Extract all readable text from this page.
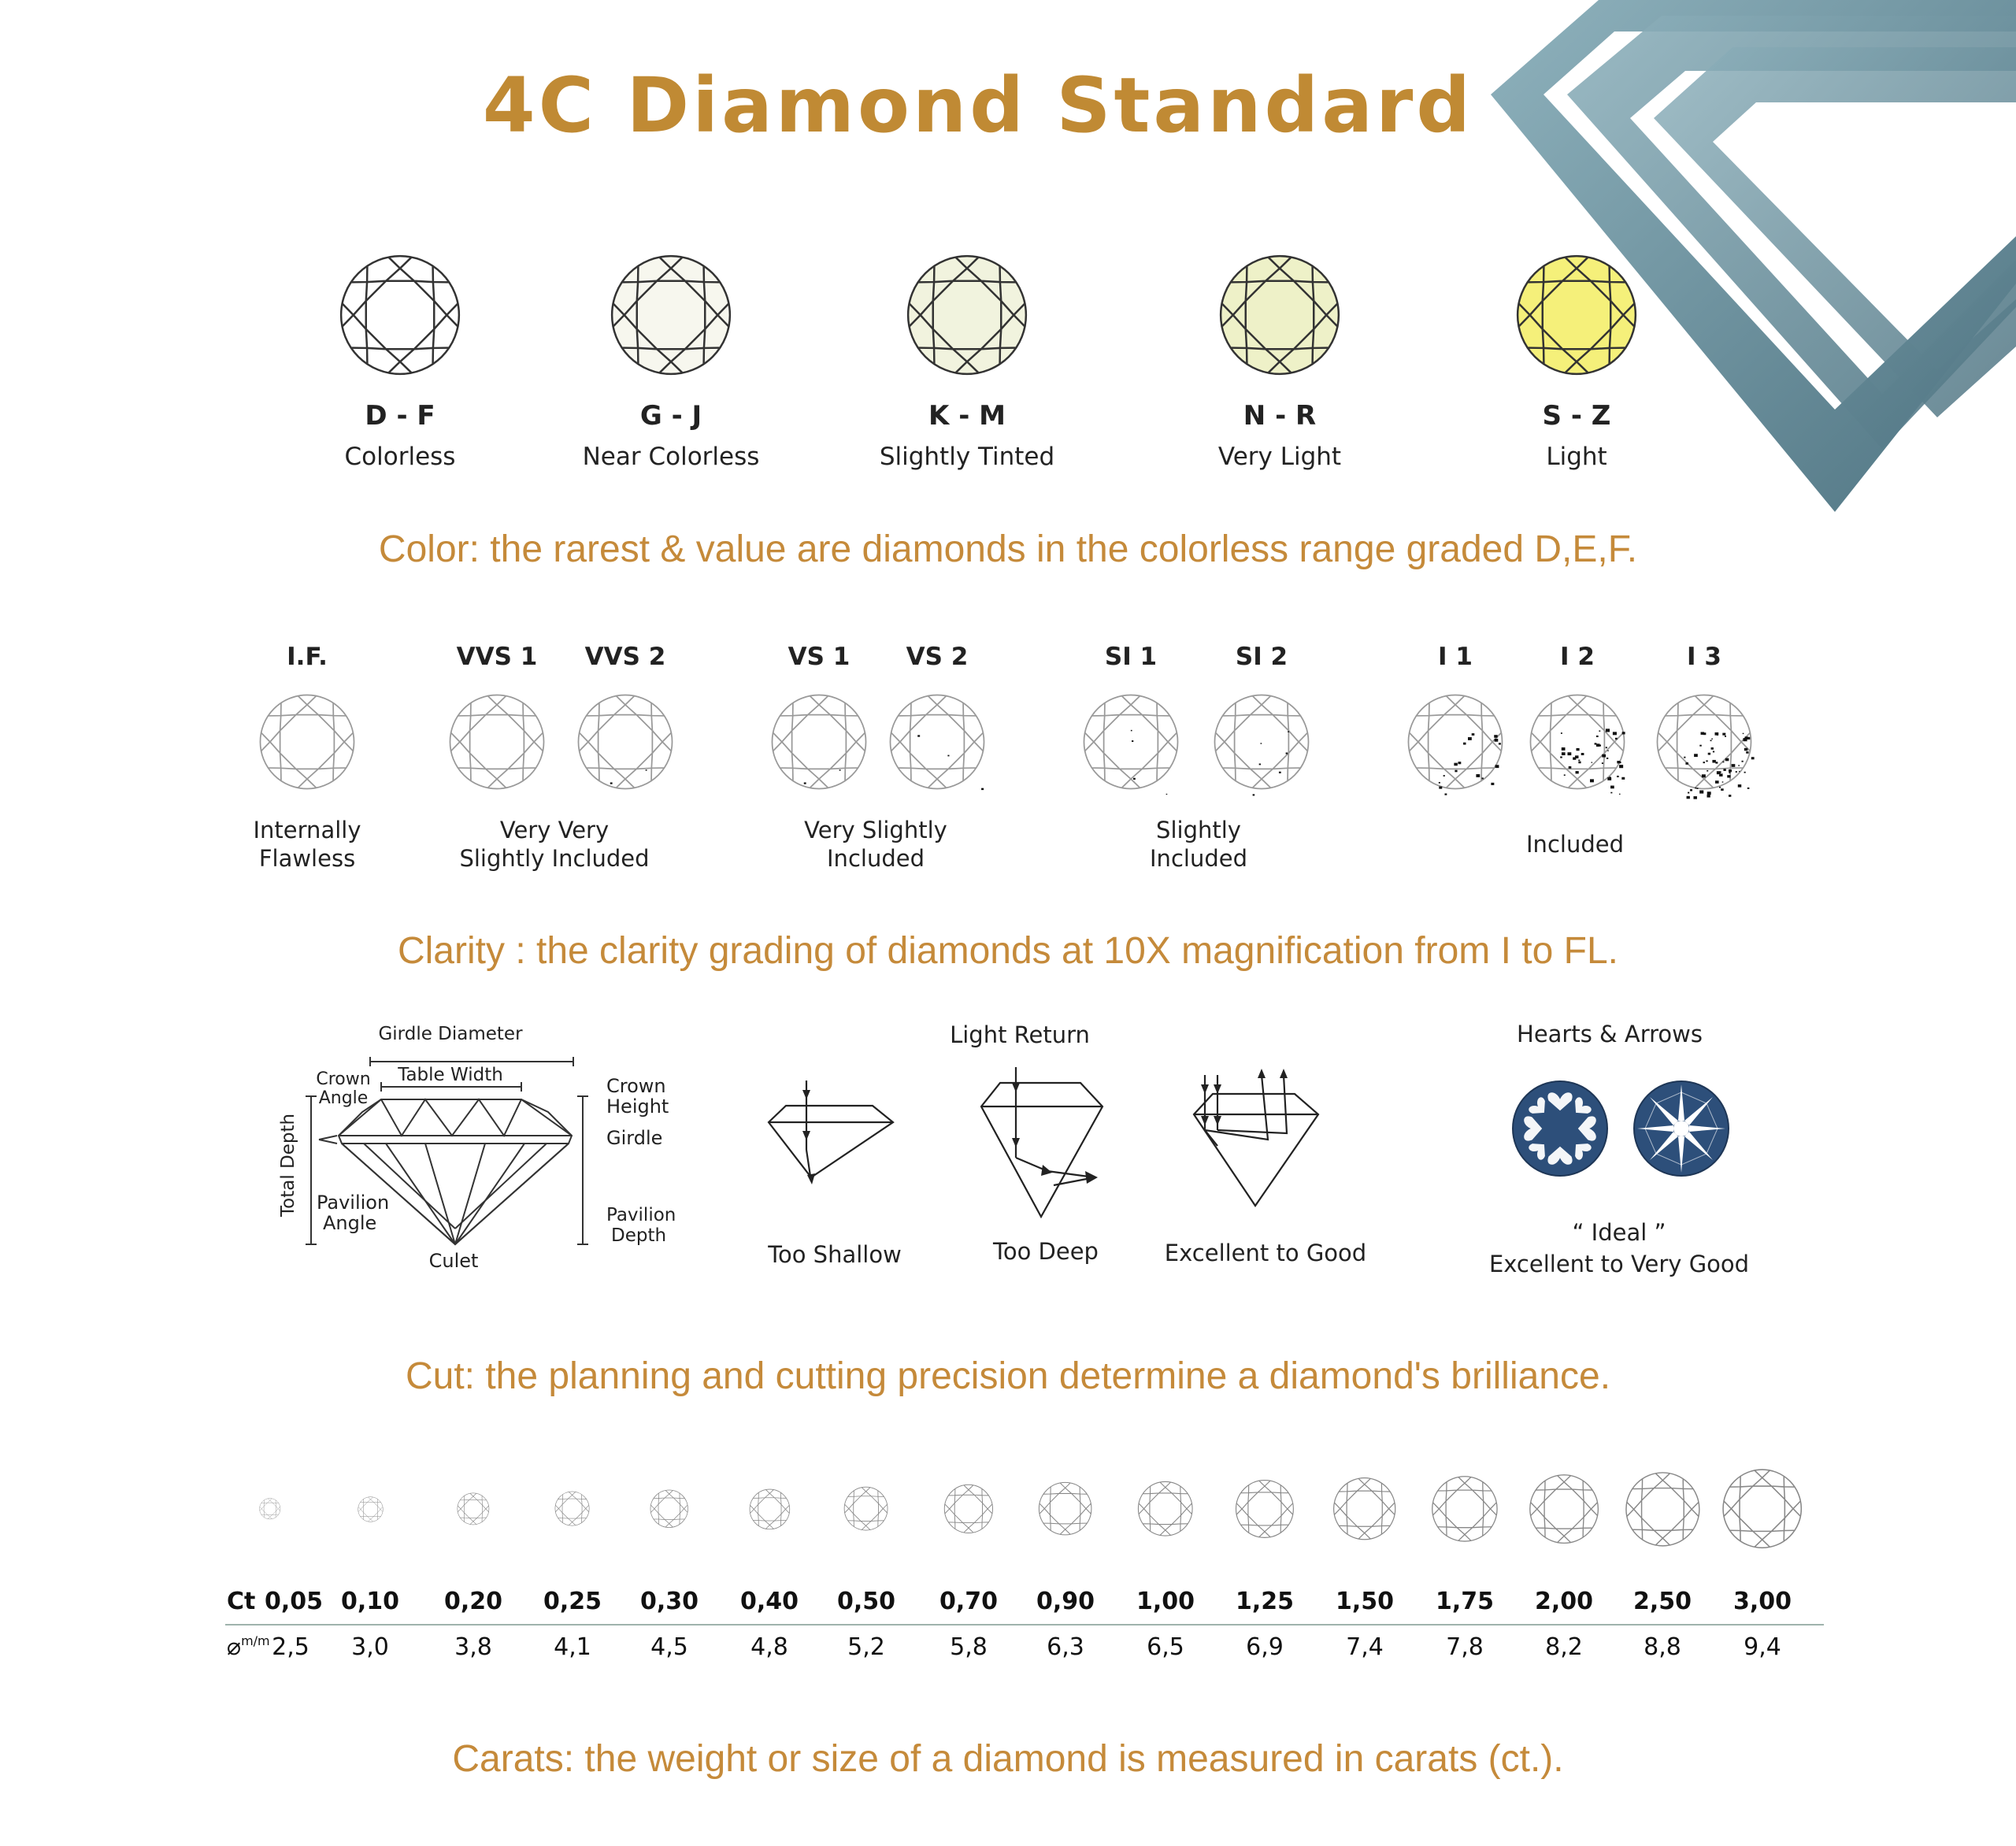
4C Diamond Standard
D - F
Colorless
G - J
Near Colorless
K - M
Slightly Tinted
N - R
Very Light
S - Z
Light
Color: the rarest & value are diamonds in the colorless range graded D,E,F.
I.F.	VVS 1 VVS 2	VS 1 VS 2	SI 1	SI 2	I 1	I 2	I 3
Internally
Flawless
Very Very
Slightly Included
Very Slightly
Included
Slightly
Included
Included
Clarity : the clarity grading of diamonds at 10X magnification from I to FL.
Girdle Diameter
Crown
Angle
Table Width	Crown
Height
Girdle
Total Depth Pavilion
Angle	Pavilion
Depth
Culet
Light Return
Too Shallow	Too Deep	Excellent to Good
Hearts & Arrows
“ Ideal ”
Excellent to Very Good
Cut: the planning and cutting precision determine a diamond's brilliance.
Ct 0,05 0,10 0,20 0,25 0,30 0,40 0,50 0,70 0,90 1,00 1,25 1,50 1,75 2,00 2,50 3,00
2,5 3,0	3,8	4,1	4,5	4,8	5,2	5,8	6,3	6,5	6,9	7,4	7,8	8,2	8,8	9,4
⌀$^{m/m}$
Carats: the weight or size of a diamond is measured in carats (ct.).
